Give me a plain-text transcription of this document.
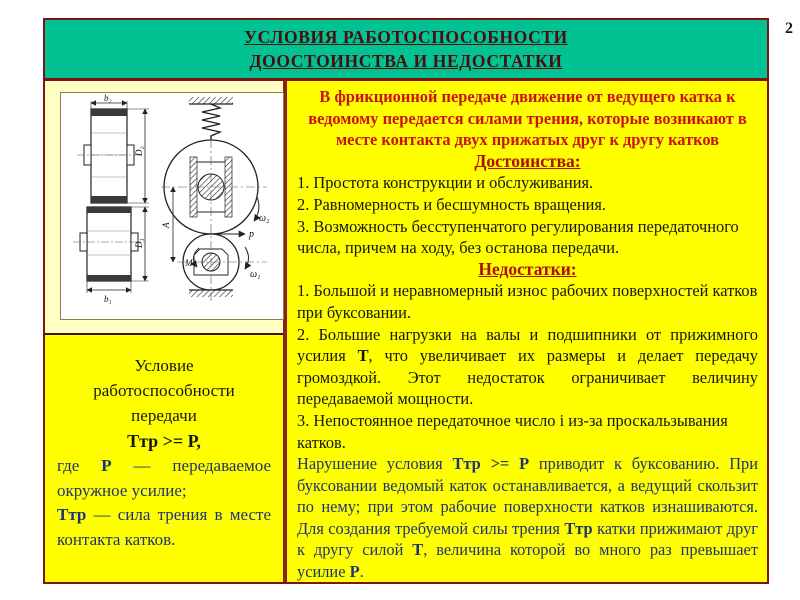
2
УСЛОВИЯ РАБОТОСПОСОБНОСТИ
ДООСТОИНСТВА И НЕДОСТАТКИ
b₂
D₂
D₁
b₁
A
p
ω₂
ω₁
M₁
Условие
работоспособности
передачи
Ттр >= Р,

где Р — передаваемое окружное усилие;

Ттр — сила трения в месте контакта катков.

В фрикционной передаче движение от ведущего катка к ведомому передается силами трения, которые возникают в месте контакта двух прижатых друг к другу катков

Достоинства:

1. Простота конструкции и обслуживания.

2. Равномерность и бесшумность вращения.

3. Возможность бесступенчатого регулирования передаточного числа, причем на ходу, без останова передачи.

Недостатки:

1. Большой и неравномерный износ рабочих поверхностей катков при буксовании.

2. Большие нагрузки на валы и подшипники от прижимного усилия Т, что увеличивает их размеры и делает передачу громоздкой. Этот недостаток ограничивает величину передаваемой мощности.

3. Непостоянное передаточное число i из-за проскальзывания катков.

Нарушение условия Ттр >= Р приводит к буксованию. При буксовании ведомый каток останавливается, а ведущий скользит по нему; при этом рабочие поверхности катков изнашиваются. Для создания требуемой силы трения Ттр катки прижимают друг к другу силой Т, величина которой во много раз превышает усилие Р.
